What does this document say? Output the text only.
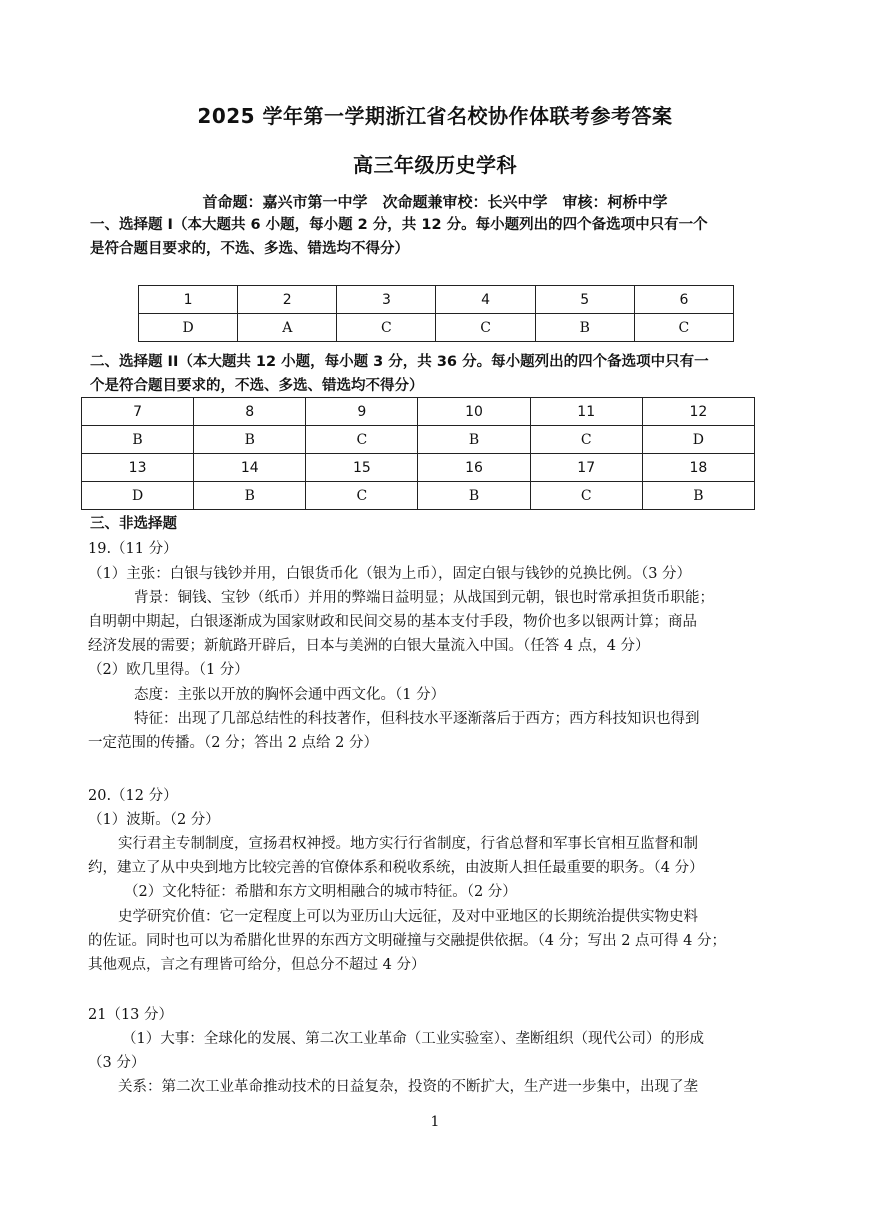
2025 学年第一学期浙江省名校协作体联考参考答案
高三年级历史学科
首命题：嘉兴市第一中学　次命题兼审校：长兴中学　审核：柯桥中学
一、选择题 I（本大题共 6 小题，每小题 2 分，共 12 分。每小题列出的四个备选项中只有一个
是符合题目要求的，不选、多选、错选均不得分）
1	2	3	4	5	6
D	A	C	C	B	C
二、选择题 II（本大题共 12 小题，每小题 3 分，共 36 分。每小题列出的四个备选项中只有一
个是符合题目要求的，不选、多选、错选均不得分）
7	8	9	10	11	12
B	B	C	B	C	D
13	14	15	16	17	18
D	B	C	B	C	B
三、非选择题
19.（11 分）
（1）主张：白银与钱钞并用，白银货币化（银为上币），固定白银与钱钞的兑换比例。（3 分）
背景：铜钱、宝钞（纸币）并用的弊端日益明显；从战国到元朝，银也时常承担货币职能；
自明朝中期起，白银逐渐成为国家财政和民间交易的基本支付手段，物价也多以银两计算；商品
经济发展的需要；新航路开辟后，日本与美洲的白银大量流入中国。（任答 4 点，4 分）
（2）欧几里得。（1 分）
态度：主张以开放的胸怀会通中西文化。（1 分）
特征：出现了几部总结性的科技著作，但科技水平逐渐落后于西方；西方科技知识也得到
一定范围的传播。（2 分；答出 2 点给 2 分）
20.（12 分）
（1）波斯。（2 分）
实行君主专制制度，宣扬君权神授。地方实行行省制度，行省总督和军事长官相互监督和制
约，建立了从中央到地方比较完善的官僚体系和税收系统，由波斯人担任最重要的职务。（4 分）
（2）文化特征：希腊和东方文明相融合的城市特征。（2 分）
史学研究价值：它一定程度上可以为亚历山大远征，及对中亚地区的长期统治提供实物史料
的佐证。同时也可以为希腊化世界的东西方文明碰撞与交融提供依据。（4 分；写出 2 点可得 4 分；
其他观点，言之有理皆可给分，但总分不超过 4 分）
21（13 分）
（1）大事：全球化的发展、第二次工业革命（工业实验室）、垄断组织（现代公司）的形成
（3 分）
关系：第二次工业革命推动技术的日益复杂，投资的不断扩大，生产进一步集中，出现了垄
1
